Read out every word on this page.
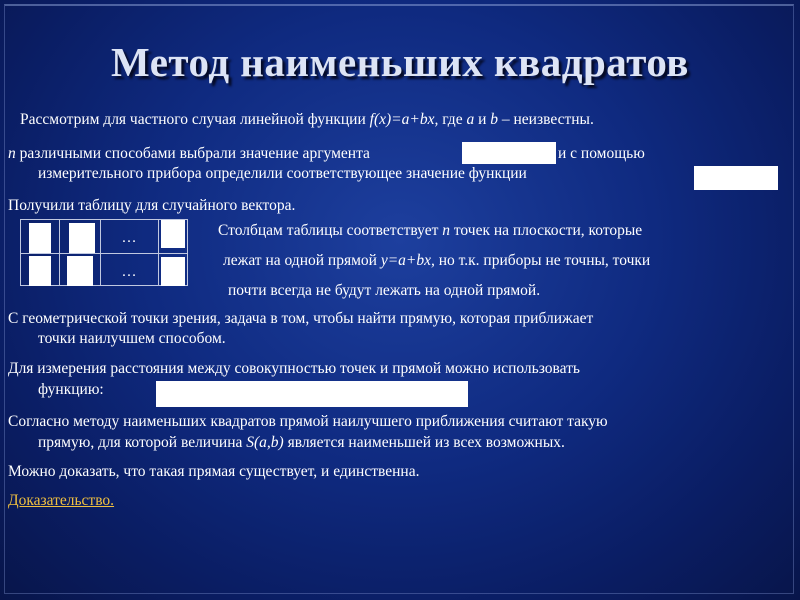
Метод наименьших квадратов
Рассмотрим для частного случая линейной функции f(x)=a+bx, где a и b – неизвестны.
n различными способами выбрали значение аргумента	и с помощью
измерительного прибора определили соответствующее значение функции
Получили таблицу для случайного вектора.
…
…
Столбцам таблицы соответствует n точек на плоскости, которые
лежат на одной прямой y=a+bx, но т.к. приборы не точны, точки
почти всегда не будут лежать на одной прямой.
С геометрической точки зрения, задача в том, чтобы найти прямую, которая приближает
точки наилучшем способом.
Для измерения расстояния между совокупностью точек и прямой можно использовать
функцию:
Согласно методу наименьших квадратов прямой наилучшего приближения считают такую
прямую, для которой величина S(a,b) является наименьшей из всех возможных.
Можно доказать, что такая прямая существует, и единственна.
Доказательство.
